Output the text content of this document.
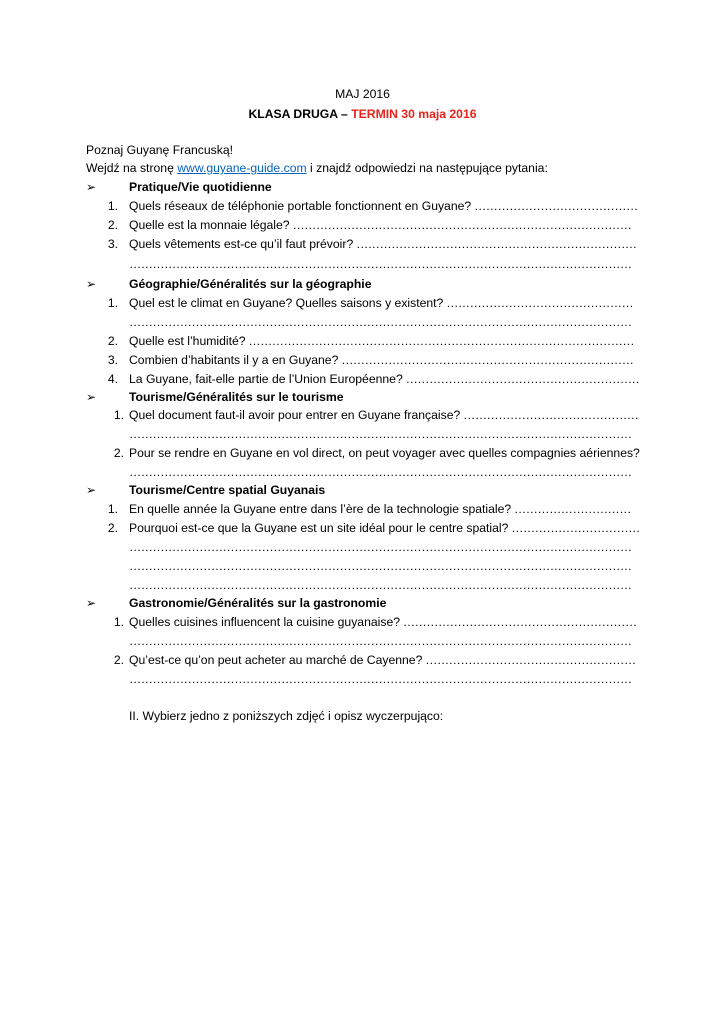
MAJ 2016
KLASA DRUGA – TERMIN 30 maja 2016
Poznaj Guyanę Francuską!
Wejdź na stronę www.guyane-guide.com i znajdź odpowiedzi na następujące pytania:
➢	Pratique/Vie quotidienne
1. Quels réseaux de téléphonie portable fonctionnent en Guyane? ……………………………………
2. Quelle est la monnaie légale? ……………………………………………………………………………
3. Quels vêtements est-ce qu’il faut prévoir? ………………………………………………………………
…………………………………………………………………………………………………………………
➢	Géographie/Généralités sur la géographie
1. Quel est le climat en Guyane? Quelles saisons y existent? …………………………………………
…………………………………………………………………………………………………………………
2. Quelle est l’humidité? ………………………………………………………………………………………
3. Combien d’habitants il y a en Guyane? …………………………………………………………………
4. La Guyane, fait-elle partie de l’Union Européenne? ……………………………………………………
➢	Tourisme/Généralités sur le tourisme
1. Quel document faut-il avoir pour entrer en Guyane française? ………………………………………
…………………………………………………………………………………………………………………
2. Pour se rendre en Guyane en vol direct, on peut voyager avec quelles compagnies aériennes?
…………………………………………………………………………………………………………………
➢	Tourisme/Centre spatial Guyanais
1. En quelle année la Guyane entre dans l’ère de la technologie spatiale? …………………………
2. Pourquoi est-ce que la Guyane est un site idéal pour le centre spatial? ……………………………
…………………………………………………………………………………………………………………
…………………………………………………………………………………………………………………
…………………………………………………………………………………………………………………
➢	Gastronomie/Généralités sur la gastronomie
1. Quelles cuisines influencent la cuisine guyanaise? ……………………………………………………
…………………………………………………………………………………………………………………
2. Qu’est-ce qu’on peut acheter au marché de Cayenne? ………………………………………………
…………………………………………………………………………………………………………………
II. Wybierz jedno z poniższych zdjęć i opisz wyczerpująco:
